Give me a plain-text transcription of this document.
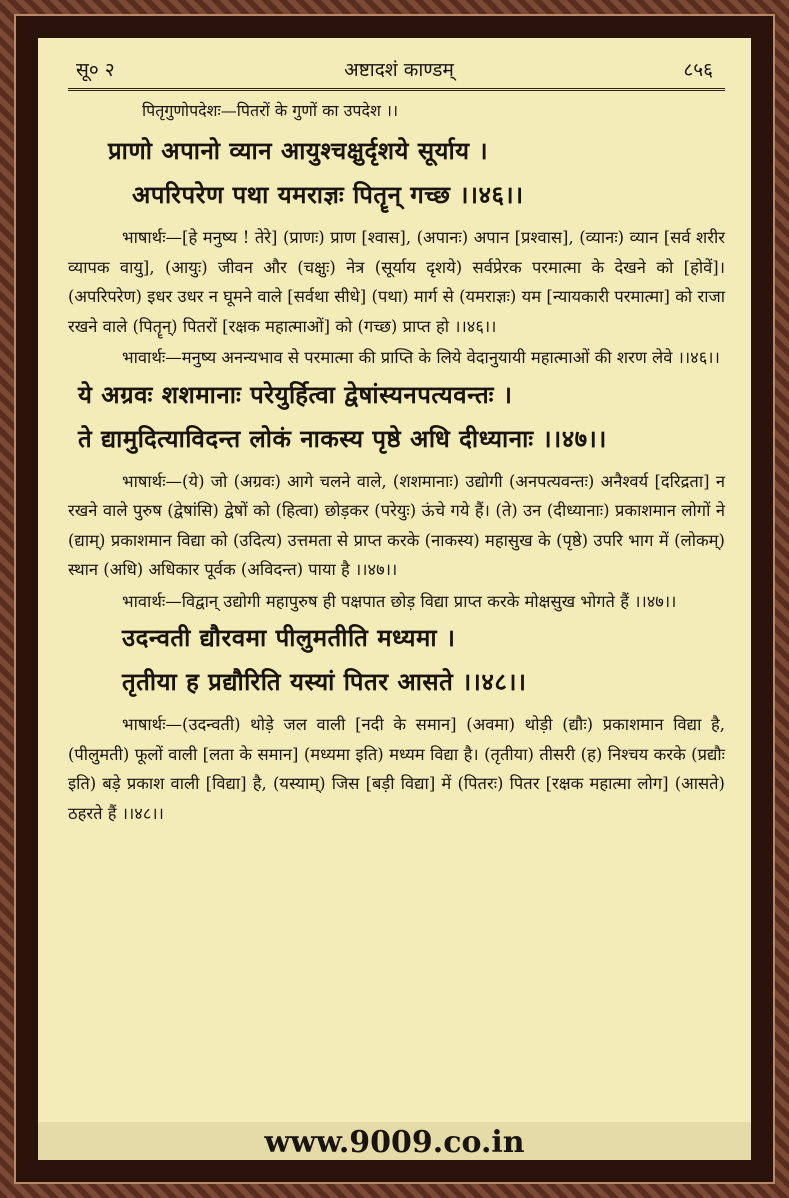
सू० २	अष्टादशं काण्डम्	८५६

पितृगुणोपदेशः—पितरों के गुणों का उपदेश ।।

प्राणो अपानो व्यान आयुश्चक्षुर्दृशये सूर्याय ।

अपरिपरेण पथा यमराज्ञः पितॄन् गच्छ ।।४६।।

भाषार्थः—[हे मनुष्य ! तेरे] (प्राणः) प्राण [श्वास], (अपानः) अपान [प्रश्वास], (व्यानः) व्यान [सर्व शरीर व्यापक वायु], (आयुः) जीवन और (चक्षुः) नेत्र (सूर्याय दृशये) सर्वप्रेरक परमात्मा के देखने को [होवें]। (अपरिपरेण) इधर उधर न घूमने वाले [सर्वथा सीधे] (पथा) मार्ग से (यमराज्ञः) यम [न्यायकारी परमात्मा] को राजा रखने वाले (पितॄन्) पितरों [रक्षक महात्माओं] को (गच्छ) प्राप्त हो ।।४६।।

भावार्थः—मनुष्य अनन्यभाव से परमात्मा की प्राप्ति के लिये वेदानुयायी महात्माओं की शरण लेवे ।।४६।।

ये अग्रवः शशमानाः परेयुर्हित्वा द्वेषांस्यनपत्यवन्तः ।

ते द्यामुदित्याविदन्त लोकं नाकस्य पृष्ठे अधि दीध्यानाः ।।४७।।

भाषार्थः—(ये) जो (अग्रवः) आगे चलने वाले, (शशमानाः) उद्योगी (अनपत्यवन्तः) अनैश्वर्य [दरिद्रता] न रखने वाले पुरुष (द्वेषांसि) द्वेषों को (हित्वा) छोड़कर (परेयुः) ऊंचे गये हैं। (ते) उन (दीध्यानाः) प्रकाशमान लोगों ने (द्याम्) प्रकाशमान विद्या को (उदित्य) उत्तमता से प्राप्त करके (नाकस्य) महासुख के (पृष्ठे) उपरि भाग में (लोकम्) स्थान (अधि) अधिकार पूर्वक (अविदन्त) पाया है ।।४७।।

भावार्थः—विद्वान् उद्योगी महापुरुष ही पक्षपात छोड़ विद्या प्राप्त करके मोक्षसुख भोगते हैं ।।४७।।

उदन्वती द्यौरवमा पीलुमतीति मध्यमा ।

तृतीया ह प्रद्यौरिति यस्यां पितर आसते ।।४८।।

भाषार्थः—(उदन्वती) थोड़े जल वाली [नदी के समान] (अवमा) थोड़ी (द्यौः) प्रकाशमान विद्या है, (पीलुमती) फूलों वाली [लता के समान] (मध्यमा इति) मध्यम विद्या है। (तृतीया) तीसरी (ह) निश्चय करके (प्रद्यौः इति) बड़े प्रकाश वाली [विद्या] है, (यस्याम्) जिस [बड़ी विद्या] में (पितरः) पितर [रक्षक महात्मा लोग] (आसते) ठहरते हैं ।।४८।।

www.9009.co.in
